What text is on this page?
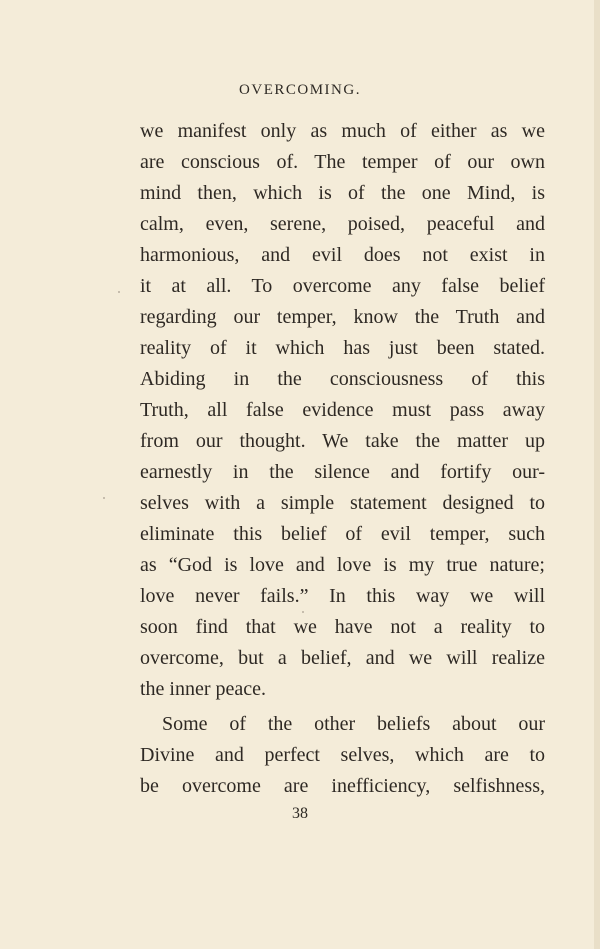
OVERCOMING.
we manifest only as much of either as we
are conscious of. The temper of our own
mind then, which is of the one Mind, is
calm, even, serene, poised, peaceful and
harmonious, and evil does not exist in
it at all. To overcome any false belief
regarding our temper, know the Truth and
reality of it which has just been stated.
Abiding in the consciousness of this
Truth, all false evidence must pass away
from our thought. We take the matter up
earnestly in the silence and fortify our-
selves with a simple statement designed to
eliminate this belief of evil temper, such
as “God is love and love is my true nature;
love never fails.” In this way we will
soon find that we have not a reality to
overcome, but a belief, and we will realize
the inner peace.
Some of the other beliefs about our
Divine and perfect selves, which are to
be overcome are inefficiency, selfishness,
38
